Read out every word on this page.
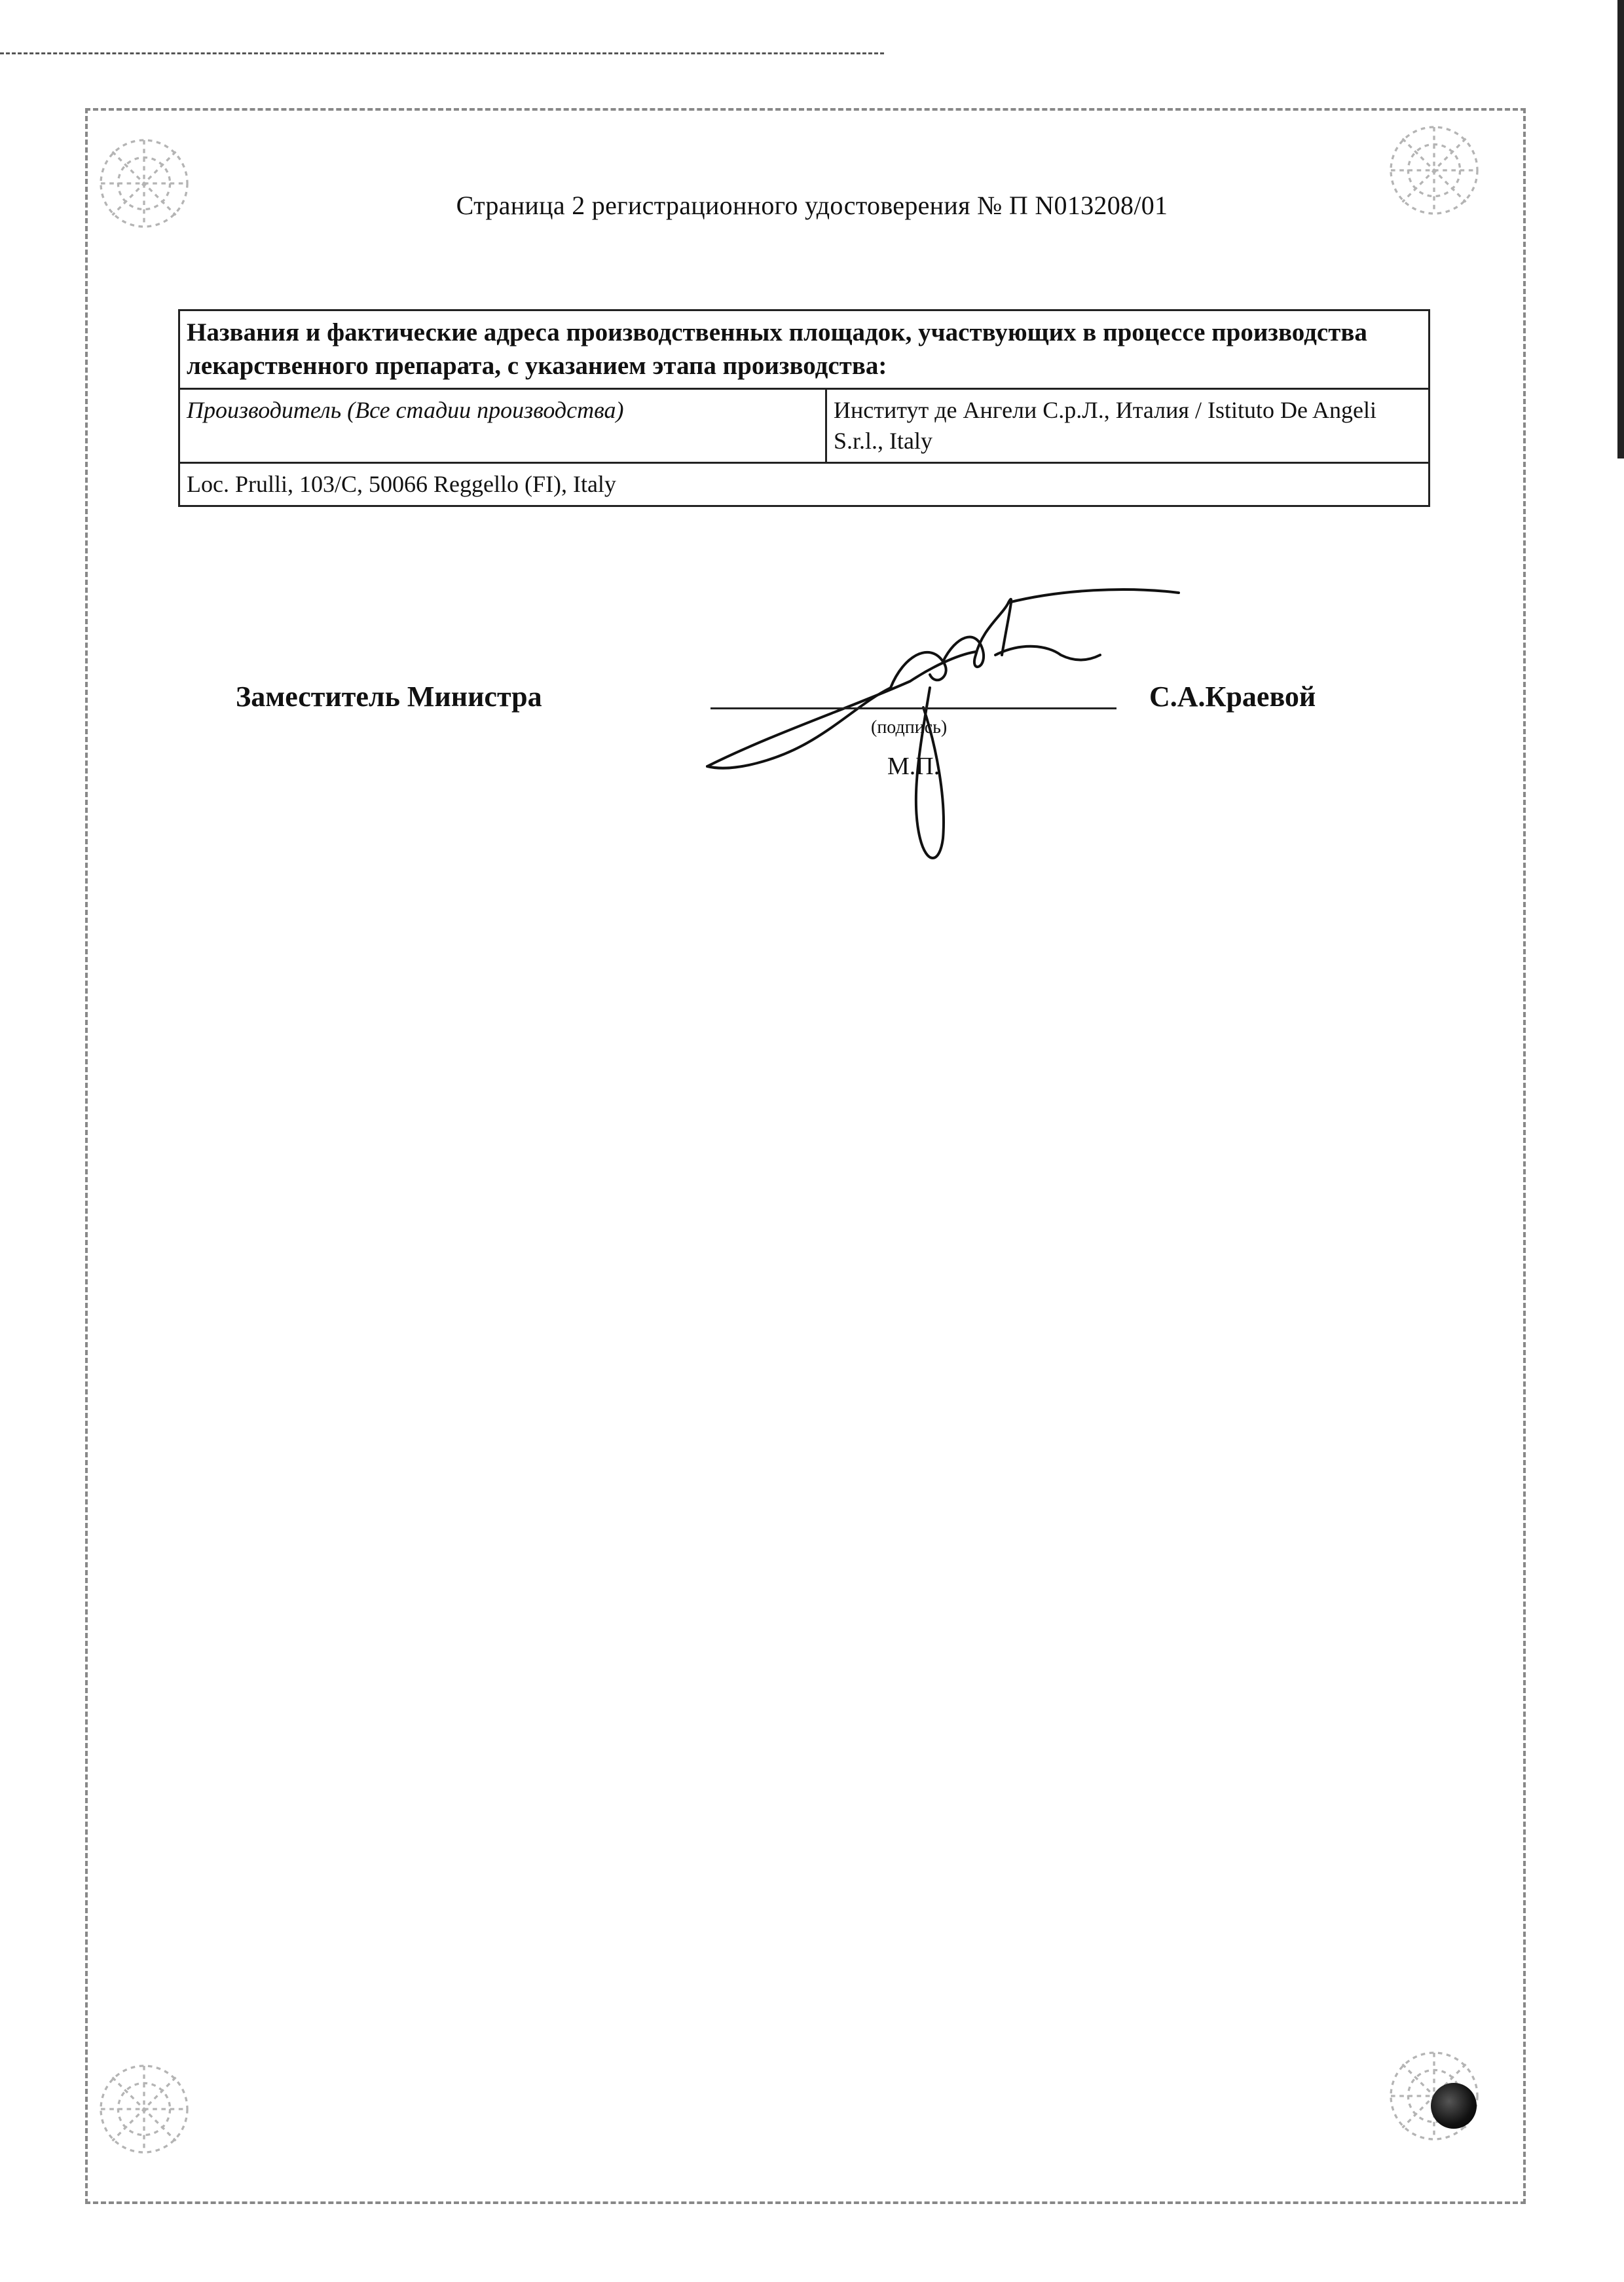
Страница 2 регистрационного удостоверения № П N013208/01
Названия и фактические адреса производственных площадок, участвующих в процессе производства лекарственного препарата, с указанием этапа производства:
Производитель (Все стадии производства)	Институт де Ангели С.р.Л., Италия / Istituto De Angeli S.r.l., Italy
Loc. Prulli, 103/C, 50066 Reggello (FI), Italy
Заместитель Министра
(подпись)
М.П.
С.А.Краевой
